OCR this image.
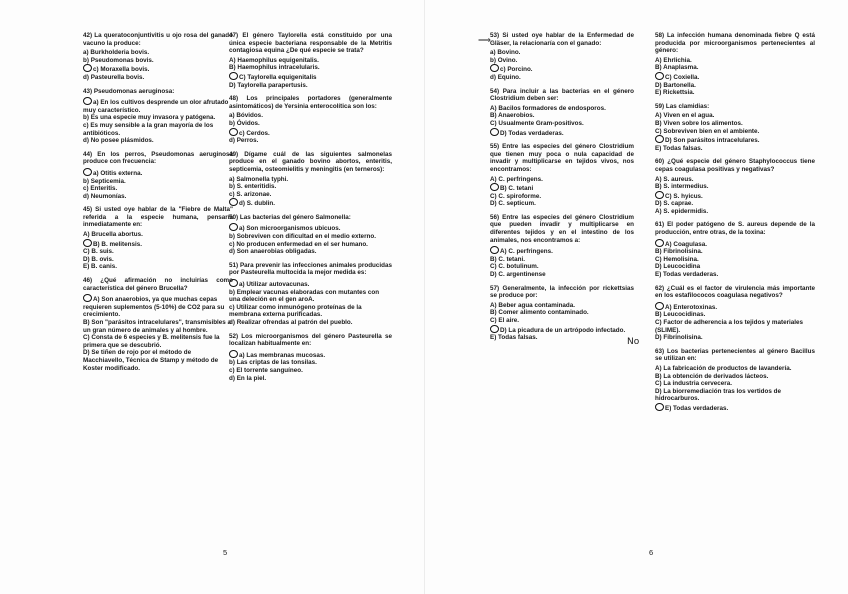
42) La queratoconjuntivitis u ojo rosa del ganado vacuno la produce:
a) Burkholderia bovis.
b) Pseudomonas bovis.
c) Moraxella bovis.
d) Pasteurella bovis.
43) Pseudomonas aeruginosa:
a) En los cultivos desprende un olor afrutado muy característico.
b) Es una especie muy invasora y patógena.
c) Es muy sensible a la gran mayoría de los antibióticos.
d) No posee plásmidos.
44) En los perros, Pseudomonas aeruginosa produce con frecuencia:
a) Otitis externa.
b) Septicemia.
c) Enteritis.
d) Neumonías.
45) Si usted oye hablar de la "Fiebre de Malta" referida a la especie humana, pensaría inmediatamente en:
A) Brucella abortus.
B) B. melitensis.
C) B. suis.
D) B. ovis.
E) B. canis.
46) ¿Qué afirmación no incluirías como característica del género Brucella?
A) Son anaerobios, ya que muchas cepas requieren suplementos (5-10%) de CO2 para su crecimiento.
B) Son "parásitos intracelulares", transmisibles a un gran número de animales y al hombre.
C) Consta de 6 especies y B. melitensis fue la primera que se descubrió.
D) Se tiñen de rojo por el método de Macchiavello, Técnica de Stamp y método de Koster modificado.
47) El género Taylorella está constituido por una única especie bacteriana responsable de la Metritis contagiosa equina ¿De qué especie se trata?
A) Haemophilus equigenitalis.
B) Haemophilus intracelularis.
C) Taylorella equigenitalis
D) Taylorella parapertusis.
48) Los principales portadores (generalmente asintomáticos) de Yersinia enterocolítica son los:
a) Bóvidos.
b) Óvidos.
c) Cerdos.
d) Perros.
49) Dígame cuál de las siguientes salmonelas produce en el ganado bovino abortos, enteritis, septicemia, osteomielitis y meningitis (en terneros):
a) Salmonella typhi.
b) S. enteritidis.
c) S. arizonae.
d) S. dublin.
50) Las bacterias del género Salmonella:
a) Son microorganismos ubicuos.
b) Sobreviven con dificultad en el medio externo.
c) No producen enfermedad en el ser humano.
d) Son anaerobias obligadas.
51) Para prevenir las infecciones animales producidas por Pasteurella multocida la mejor medida es:
a) Utilizar autovacunas.
b) Emplear vacunas elaboradas con mutantes con una deleción en el gen aroA.
c) Utilizar como inmunógeno proteínas de la membrana externa purificadas.
d) Realizar ofrendas al patrón del pueblo.
52) Los microorganismos del género Pasteurella se localizan habitualmente en:
a) Las membranas mucosas.
b) Las criptas de las tonsilas.
c) El torrente sanguíneo.
d) En la piel.
53) Si usted oye hablar de la Enfermedad de Gläser, la relacionaría con el ganado:
a) Bovino.
b) Ovino.
c) Porcino.
d) Equino.
54) Para incluir a las bacterias en el género Clostridium deben ser:
A) Bacilos formadores de endosporos.
B) Anaerobios.
C) Usualmente Gram-positivos.
D) Todas verdaderas.
55) Entre las especies del género Clostridium que tienen muy poca o nula capacidad de invadir y multiplicarse en tejidos vivos, nos encontramos:
A) C. perfringens.
B) C. tetani
C) C. spiroforme.
D) C. septicum.
56) Entre las especies del género Clostridium que pueden invadir y multiplicarse en diferentes tejidos y en el intestino de los animales, nos encontramos a:
A) C. perfringens.
B) C. tetani.
C) C. botulinum.
D) C. argentinense
57) Generalmente, la infección por rickettsias se produce por:
A) Beber agua contaminada.
B) Comer alimento contaminado.
C) El aire.
D) La picadura de un artrópodo infectado.
E) Todas falsas.
58) La infección humana denominada fiebre Q está producida por microorganismos pertenecientes al género:
A) Ehrlichia.
B) Anaplasma.
C) Coxiella.
D) Bartonella.
E) Rickettsia.
59) Las clamidias:
A) Viven en el agua.
B) Viven sobre los alimentos.
C) Sobreviven bien en el ambiente.
D) Son parásitos intracelulares.
E) Todas falsas.
60) ¿Qué especie del género Staphylococcus tiene cepas coagulasa positivas y negativas?
A) S. aureus.
B) S. intermedius.
C) S. hyicus.
D) S. caprae.
A) S. epidermidis.
61) El poder patógeno de S. aureus depende de la producción, entre otras, de la toxina:
A) Coagulasa.
B) Fibrinolisina.
C) Hemolisina.
D) Leucocidina
E) Todas verdaderas.
62) ¿Cuál es el factor de virulencia más importante en los estafilococos coagulasa negativos?
A) Enterotoxinas.
B) Leucocidinas.
C) Factor de adherencia a los tejidos y materiales (SLIME).
D) Fibrinolisina.
63) Los bacterias pertenecientes al género Bacillus se utilizan en:
A) La fabricación de productos de lavandería.
B) La obtención de derivados lácteos.
C) La industria cervecera.
D) La biorremediación tras los vertidos de hidrocarburos.
E) Todas verdaderas.
5	6
⟹
No
